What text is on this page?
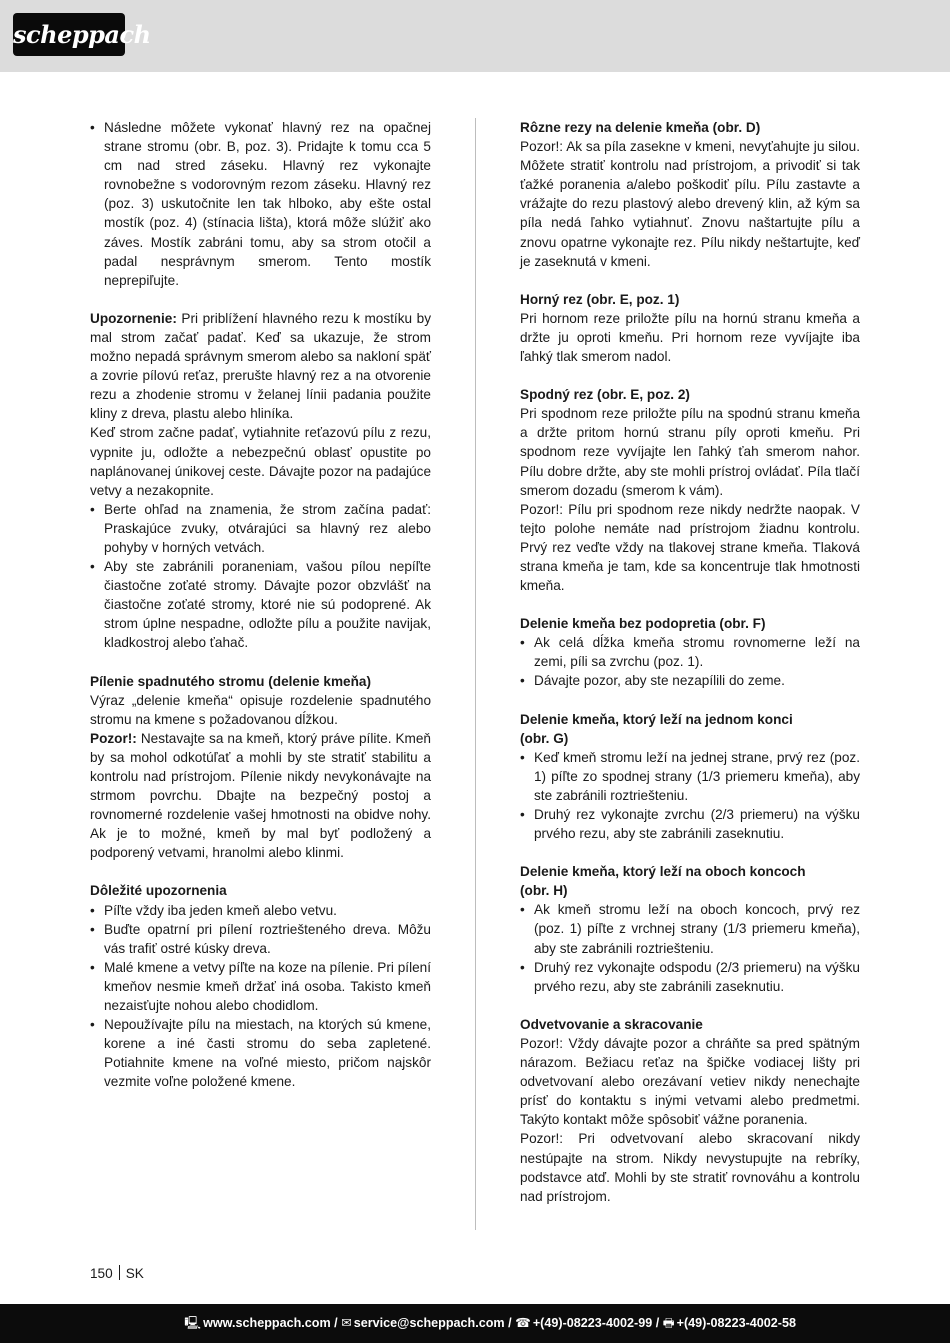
scheppach
• Následne môžete vykonať hlavný rez na opačnej strane stromu (obr. B, poz. 3). Pridajte k tomu cca 5 cm nad stred záseku. Hlavný rez vykonajte rovnobežne s vodorovným rezom záseku. Hlavný rez (poz. 3) uskutočnite len tak hlboko, aby ešte ostal mostík (poz. 4) (stínacia lišta), ktorá môže slúžiť ako záves. Mostík zabráni tomu, aby sa strom otočil a padal nesprávnym smerom. Tento mostík neprepiľujte.

Upozornenie: Pri priblížení hlavného rezu k mostíku by mal strom začať padať. Keď sa ukazuje, že strom možno nepadá správnym smerom alebo sa nakloní späť a zovrie pílovú reťaz, prerušte hlavný rez a na otvorenie rezu a zhodenie stromu v želanej línii padania použite kliny z dreva, plastu alebo hliníka.

Keď strom začne padať, vytiahnite reťazovú pílu z rezu, vypnite ju, odložte a nebezpečnú oblasť opustite po naplánovanej únikovej ceste. Dávajte pozor na padajúce vetvy a nezakopnite.

• Berte ohľad na znamenia, že strom začína padať: Praskajúce zvuky, otvárajúci sa hlavný rez alebo pohyby v horných vetvách.
• Aby ste zabránili poraneniam, vašou pílou nepíľte čiastočne zoťaté stromy. Dávajte pozor obzvlášť na čiastočne zoťaté stromy, ktoré nie sú podoprené. Ak strom úplne nespadne, odložte pílu a použite navijak, kladkostroj alebo ťahač.
Pílenie spadnutého stromu (delenie kmeňa)

Výraz „delenie kmeňa“ opisuje rozdelenie spadnutého stromu na kmene s požadovanou dĺžkou.

Pozor!: Nestavajte sa na kmeň, ktorý práve pílite. Kmeň by sa mohol odkotúľať a mohli by ste stratiť stabilitu a kontrolu nad prístrojom. Pílenie nikdy nevykonávajte na strmom povrchu. Dbajte na bezpečný postoj a rovnomerné rozdelenie vašej hmotnosti na obidve nohy. Ak je to možné, kmeň by mal byť podložený a podporený vetvami, hranolmi alebo klinmi.

Dôležité upozornenia
• Píľte vždy iba jeden kmeň alebo vetvu.
• Buďte opatrní pri pílení roztriešteného dreva. Môžu vás trafiť ostré kúsky dreva.
• Malé kmene a vetvy píľte na koze na pílenie. Pri pílení kmeňov nesmie kmeň držať iná osoba. Takisto kmeň nezaisťujte nohou alebo chodidlom.
• Nepoužívajte pílu na miestach, na ktorých sú kmene, korene a iné časti stromu do seba zapletené. Potiahnite kmene na voľné miesto, pričom najskôr vezmite voľne položené kmene.
Rôzne rezy na delenie kmeňa (obr. D)

Pozor!: Ak sa píla zasekne v kmeni, nevyťahujte ju silou. Môžete stratiť kontrolu nad prístrojom, a privodiť si tak ťažké poranenia a/alebo poškodiť pílu. Pílu zastavte a vrážajte do rezu plastový alebo drevený klin, až kým sa píla nedá ľahko vytiahnuť. Znovu naštartujte pílu a znovu opatrne vykonajte rez. Pílu nikdy neštartujte, keď je zaseknutá v kmeni.

Horný rez (obr. E, poz. 1)

Pri hornom reze priložte pílu na hornú stranu kmeňa a držte ju oproti kmeňu. Pri hornom reze vyvíjajte iba ľahký tlak smerom nadol.

Spodný rez (obr. E, poz. 2)

Pri spodnom reze priložte pílu na spodnú stranu kmeňa a držte pritom hornú stranu píly oproti kmeňu. Pri spodnom reze vyvíjajte len ľahký ťah smerom nahor. Pílu dobre držte, aby ste mohli prístroj ovládať. Píla tlačí smerom dozadu (smerom k vám).

Pozor!: Pílu pri spodnom reze nikdy nedržte naopak. V tejto polohe nemáte nad prístrojom žiadnu kontrolu. Prvý rez veďte vždy na tlakovej strane kmeňa. Tlaková strana kmeňa je tam, kde sa koncentruje tlak hmotnosti kmeňa.

Delenie kmeňa bez podopretia (obr. F)
• Ak celá dĺžka kmeňa stromu rovnomerne leží na zemi, píli sa zvrchu (poz. 1).
• Dávajte pozor, aby ste nezapílili do zeme.
Delenie kmeňa, ktorý leží na jednom konci
(obr. G)
• Keď kmeň stromu leží na jednej strane, prvý rez (poz. 1) píľte zo spodnej strany (1/3 priemeru kmeňa), aby ste zabránili roztriešteniu.
• Druhý rez vykonajte zvrchu (2/3 priemeru) na výšku prvého rezu, aby ste zabránili zaseknutiu.
Delenie kmeňa, ktorý leží na oboch koncoch
(obr. H)
• Ak kmeň stromu leží na oboch koncoch, prvý rez (poz. 1) píľte z vrchnej strany (1/3 priemeru kmeňa), aby ste zabránili roztriešteniu.
• Druhý rez vykonajte odspodu (2/3 priemeru) na výšku prvého rezu, aby ste zabránili zaseknutiu.
Odvetvovanie a skracovanie

Pozor!: Vždy dávajte pozor a chráňte sa pred spätným nárazom. Bežiacu reťaz na špičke vodiacej lišty pri odvetvovaní alebo orezávaní vetiev nikdy nenechajte prísť do kontaktu s inými vetvami alebo predmetmi. Takýto kontakt môže spôsobiť vážne poranenia.

Pozor!: Pri odvetvovaní alebo skracovaní nikdy nestúpajte na strom. Nikdy nevystupujte na rebríky, podstavce atď. Mohli by ste stratiť rovnováhu a kontrolu nad prístrojom.

150 SK
🖳 www.scheppach.com / ✉ service@scheppach.com / ☎ +(49)-08223-4002-99 / 🖶 +(49)-08223-4002-58
